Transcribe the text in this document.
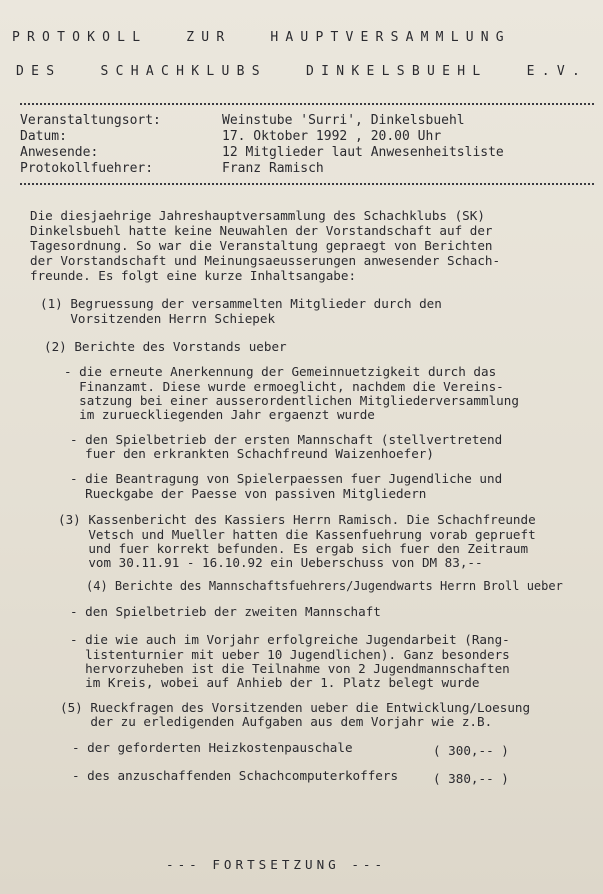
PROTOKOLL ZUR HAUPTVERSAMMLUNG
DES SCHACHKLUBS DINKELSBUEHL E.V.
Veranstaltungsort:	Weinstube 'Surri', Dinkelsbuehl
Datum:	17. Oktober 1992 , 20.00 Uhr
Anwesende:	12 Mitglieder laut Anwesenheitsliste
Protokollfuehrer:	Franz Ramisch
Die diesjaehrige Jahreshauptversammlung des Schachklubs (SK)
Dinkelsbuehl hatte keine Neuwahlen der Vorstandschaft auf der
Tagesordnung. So war die Veranstaltung gepraegt von Berichten
der Vorstandschaft und Meinungsaeusserungen anwesender Schach-
freunde. Es folgt eine kurze Inhaltsangabe:
(1) Begruessung der versammelten Mitglieder durch den
Vorsitzenden Herrn Schiepek
(2) Berichte des Vorstands ueber
- die erneute Anerkennung der Gemeinnuetzigkeit durch das
Finanzamt. Diese wurde ermoeglicht, nachdem die Vereins-
satzung bei einer ausserordentlichen Mitgliederversammlung
im zurueckliegenden Jahr ergaenzt wurde
- den Spielbetrieb der ersten Mannschaft (stellvertretend
fuer den erkrankten Schachfreund Waizenhoefer)
- die Beantragung von Spielerpaessen fuer Jugendliche und
Rueckgabe der Paesse von passiven Mitgliedern
(3) Kassenbericht des Kassiers Herrn Ramisch. Die Schachfreunde
Vetsch und Mueller hatten die Kassenfuehrung vorab geprueft
und fuer korrekt befunden. Es ergab sich fuer den Zeitraum
vom 30.11.91 - 16.10.92 ein Ueberschuss von DM 83,--
(4) Berichte des Mannschaftsfuehrers/Jugendwarts Herrn Broll ueber
- den Spielbetrieb der zweiten Mannschaft
- die wie auch im Vorjahr erfolgreiche Jugendarbeit (Rang-
listenturnier mit ueber 10 Jugendlichen). Ganz besonders
hervorzuheben ist die Teilnahme von 2 Jugendmannschaften
im Kreis, wobei auf Anhieb der 1. Platz belegt wurde
(5) Rueckfragen des Vorsitzenden ueber die Entwicklung/Loesung
der zu erledigenden Aufgaben aus dem Vorjahr wie z.B.
- der geforderten Heizkostenpauschale	( 300,-- )
- des anzuschaffenden Schachcomputerkoffers	( 380,-- )
--- FORTSETZUNG ---
